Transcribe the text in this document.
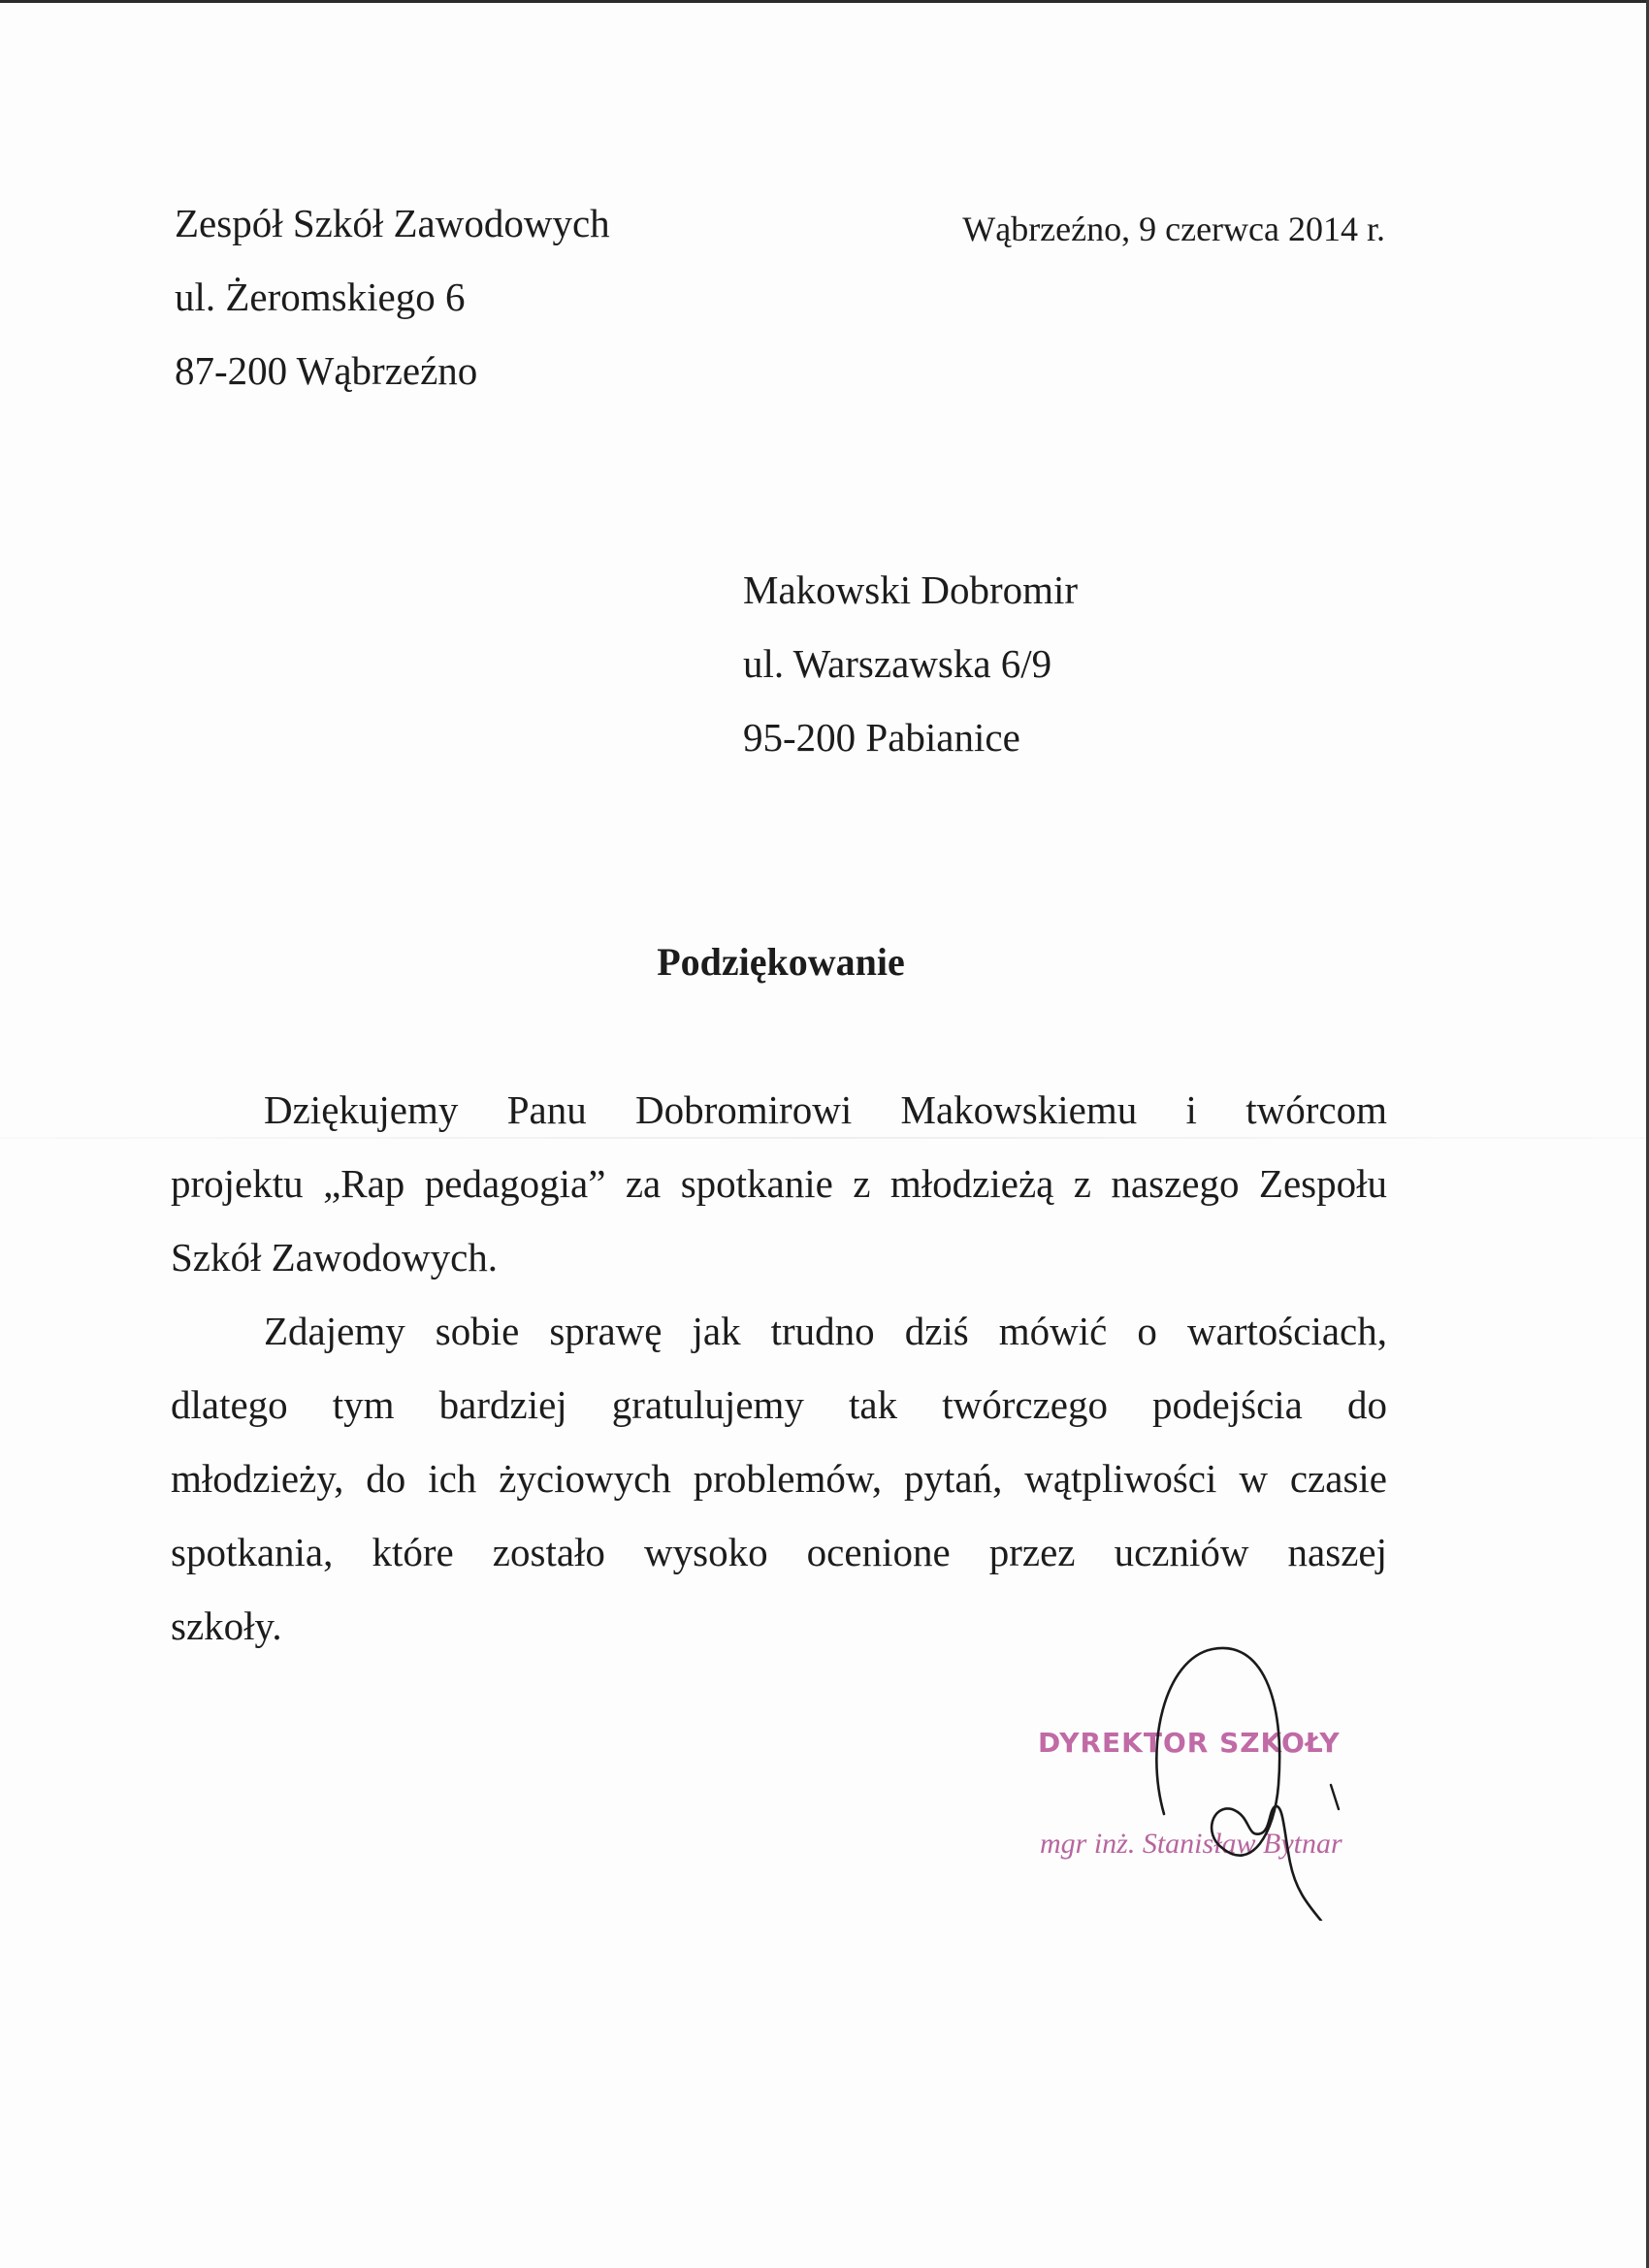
Zespół Szkół Zawodowych
ul. Żeromskiego 6
87-200 Wąbrzeźno
Wąbrzeźno, 9 czerwca 2014 r.
Makowski Dobromir
ul. Warszawska 6/9
95-200 Pabianice
Podziękowanie
Dziękujemy Panu Dobromirowi Makowskiemu i twórcom
projektu „Rap pedagogia” za spotkanie z młodzieżą z naszego Zespołu
Szkół Zawodowych.
Zdajemy sobie sprawę jak trudno dziś mówić o wartościach,
dlatego tym bardziej gratulujemy tak twórczego podejścia do
młodzieży, do ich życiowych problemów, pytań, wątpliwości w czasie
spotkania, które zostało wysoko ocenione przez uczniów naszej
szkoły.
DYREKTOR SZKOŁY
mgr inż. Stanisław Bytnar
